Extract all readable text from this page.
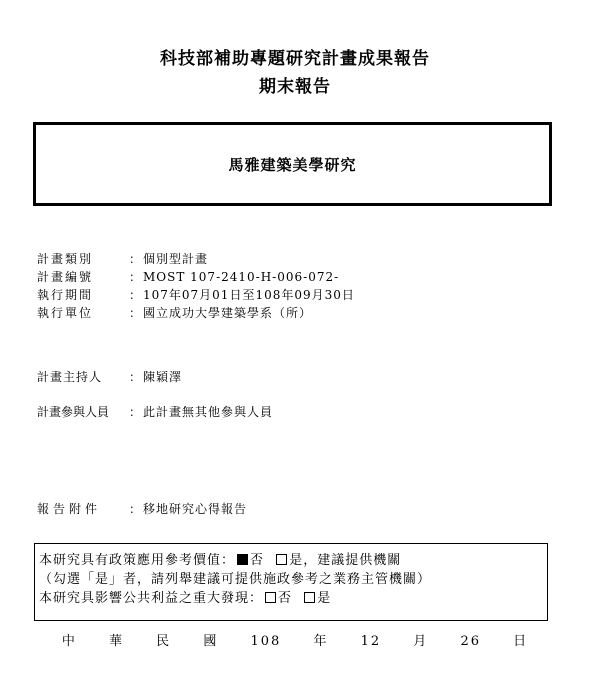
科技部補助專題研究計畫成果報告
期末報告
馬雅建築美學研究
計畫類別	： 個別型計畫
計畫編號	： MOST 107-2410-H-006-072-
執行期間	： 107年07月01日至108年09月30日
執行單位	： 國立成功大學建築學系（所）
計畫主持人 ： 陳穎澤
計畫參與人員 ： 此計畫無其他參與人員
報告附件 ： 移地研究心得報告
本研究具有政策應用參考價值： 否 是，建議提供機關
（勾選「是」者，請列舉建議可提供施政參考之業務主管機關）
本研究具影響公共利益之重大發現： 否 是
中 華 民 國 108 年 12 月 26 日
